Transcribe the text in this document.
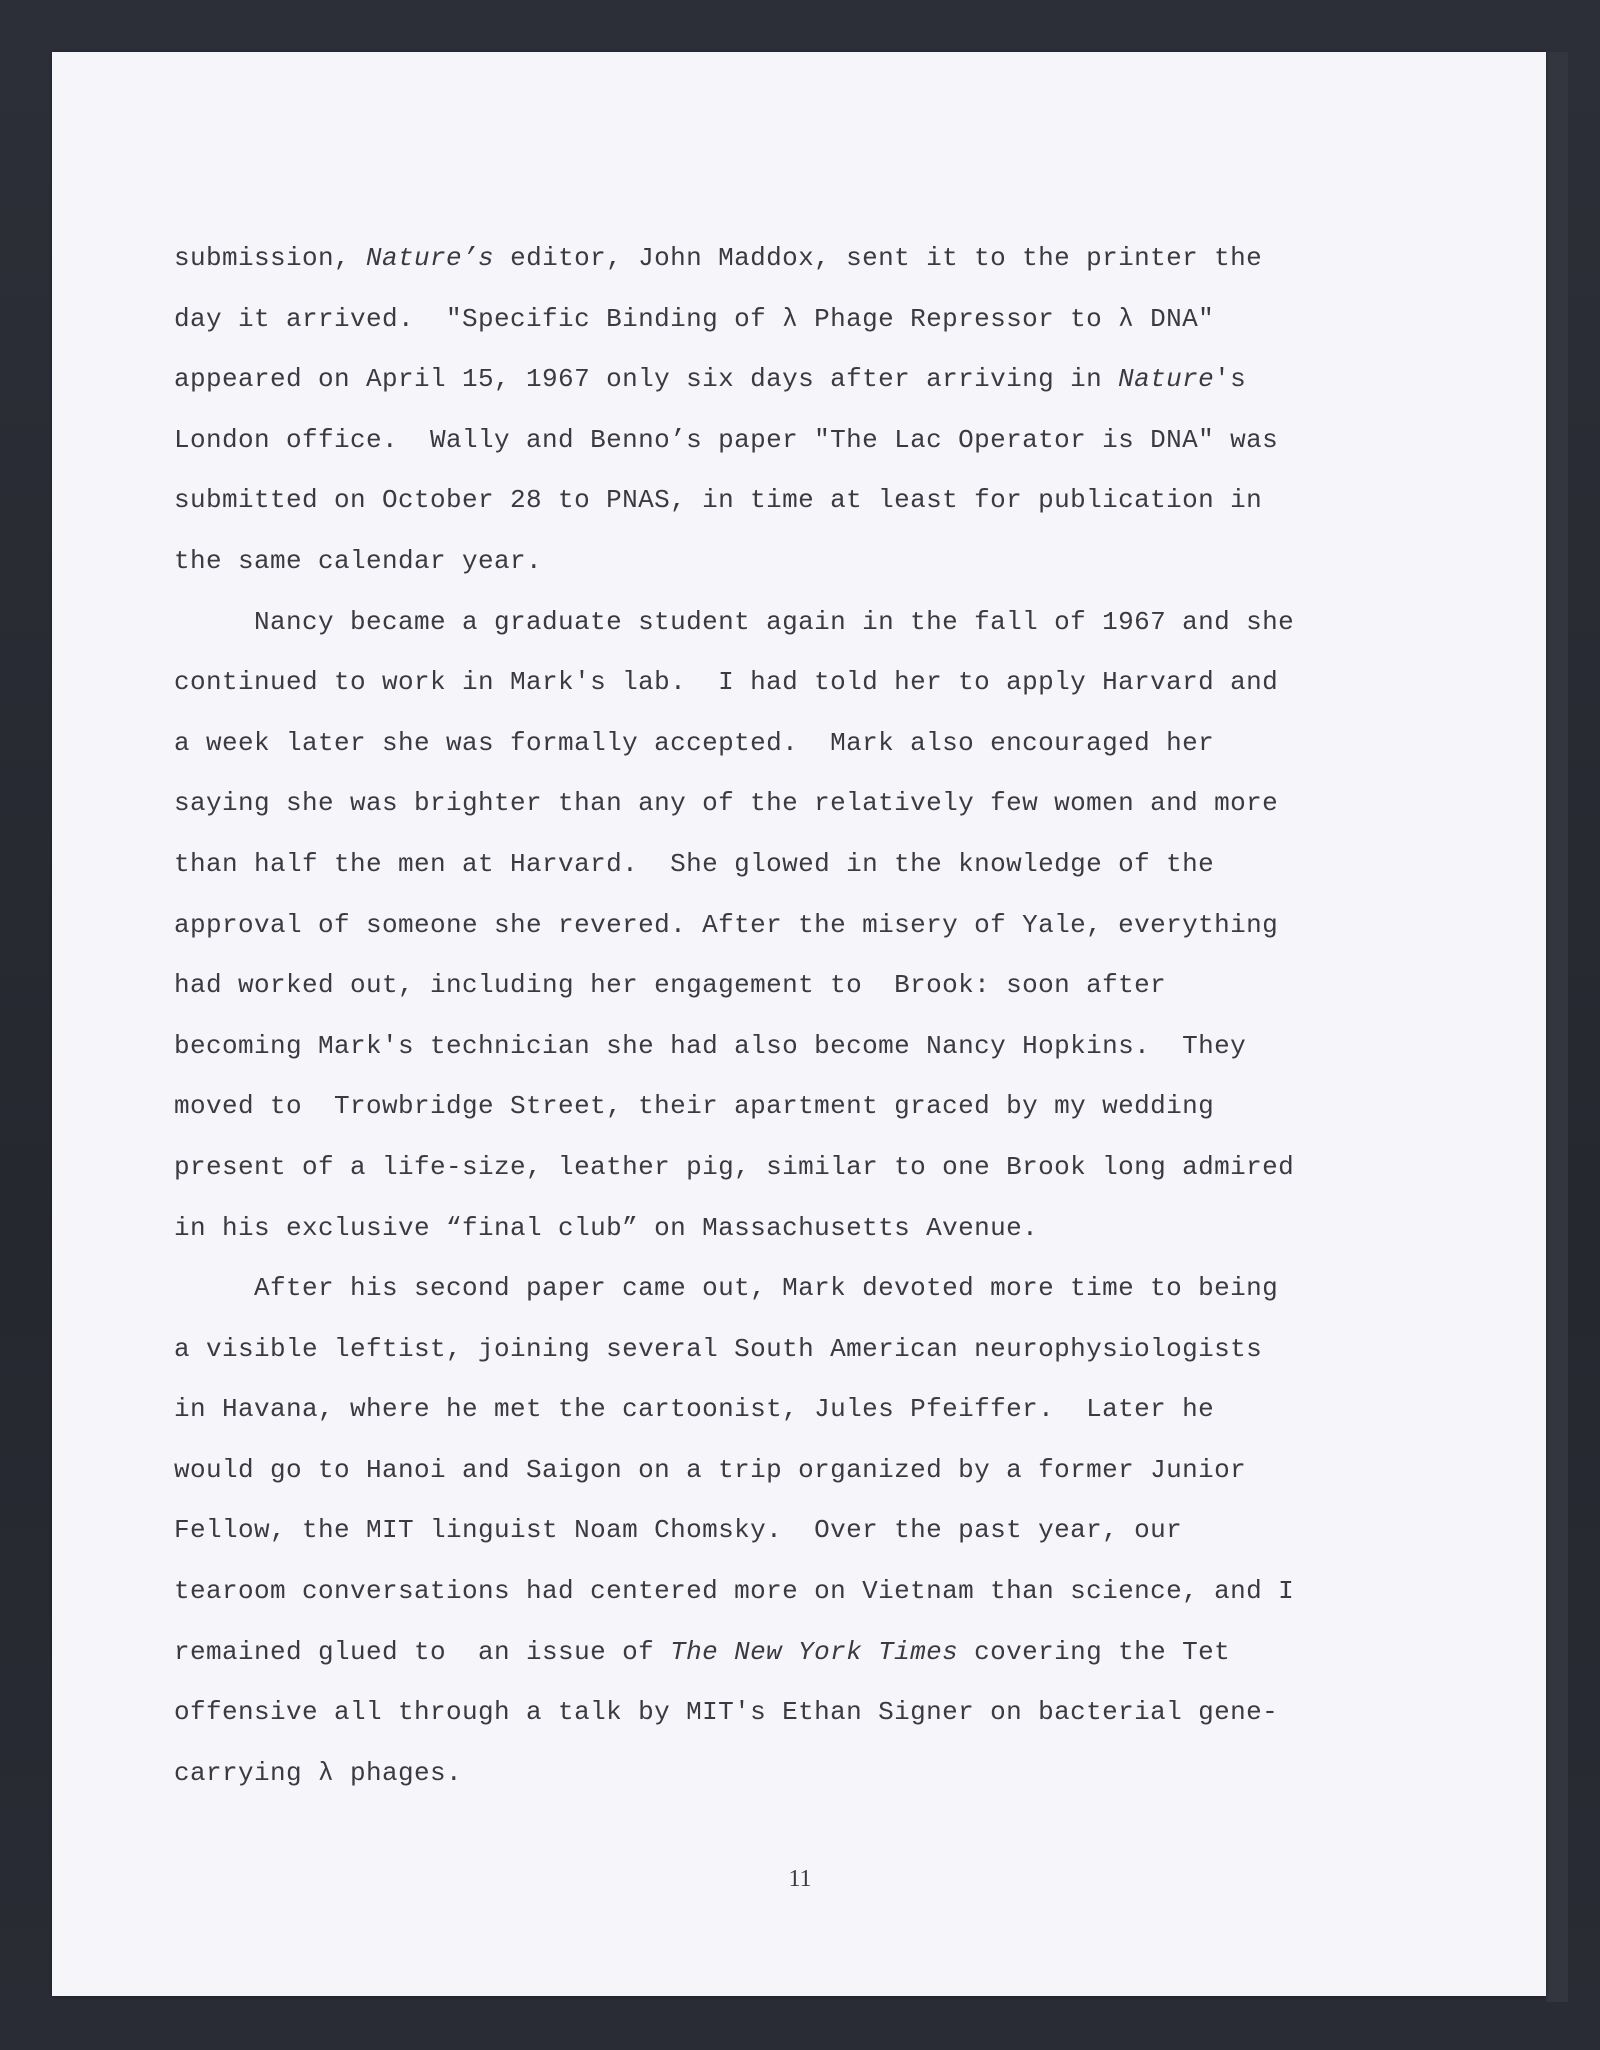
submission, Nature’s editor, John Maddox, sent it to the printer the
day it arrived.  "Specific Binding of λ Phage Repressor to λ DNA"
appeared on April 15, 1967 only six days after arriving in Nature's
London office.  Wally and Benno’s paper "The Lac Operator is DNA" was
submitted on October 28 to PNAS, in time at least for publication in
the same calendar year.
Nancy became a graduate student again in the fall of 1967 and she
continued to work in Mark's lab.  I had told her to apply Harvard and
a week later she was formally accepted.  Mark also encouraged her
saying she was brighter than any of the relatively few women and more
than half the men at Harvard.  She glowed in the knowledge of the
approval of someone she revered. After the misery of Yale, everything
had worked out, including her engagement to  Brook: soon after
becoming Mark's technician she had also become Nancy Hopkins.  They
moved to  Trowbridge Street, their apartment graced by my wedding
present of a life-size, leather pig, similar to one Brook long admired
in his exclusive “final club” on Massachusetts Avenue.
After his second paper came out, Mark devoted more time to being
a visible leftist, joining several South American neurophysiologists
in Havana, where he met the cartoonist, Jules Pfeiffer.  Later he
would go to Hanoi and Saigon on a trip organized by a former Junior
Fellow, the MIT linguist Noam Chomsky.  Over the past year, our
tearoom conversations had centered more on Vietnam than science, and I
remained glued to  an issue of The New York Times covering the Tet
offensive all through a talk by MIT's Ethan Signer on bacterial gene-
carrying λ phages.
11
